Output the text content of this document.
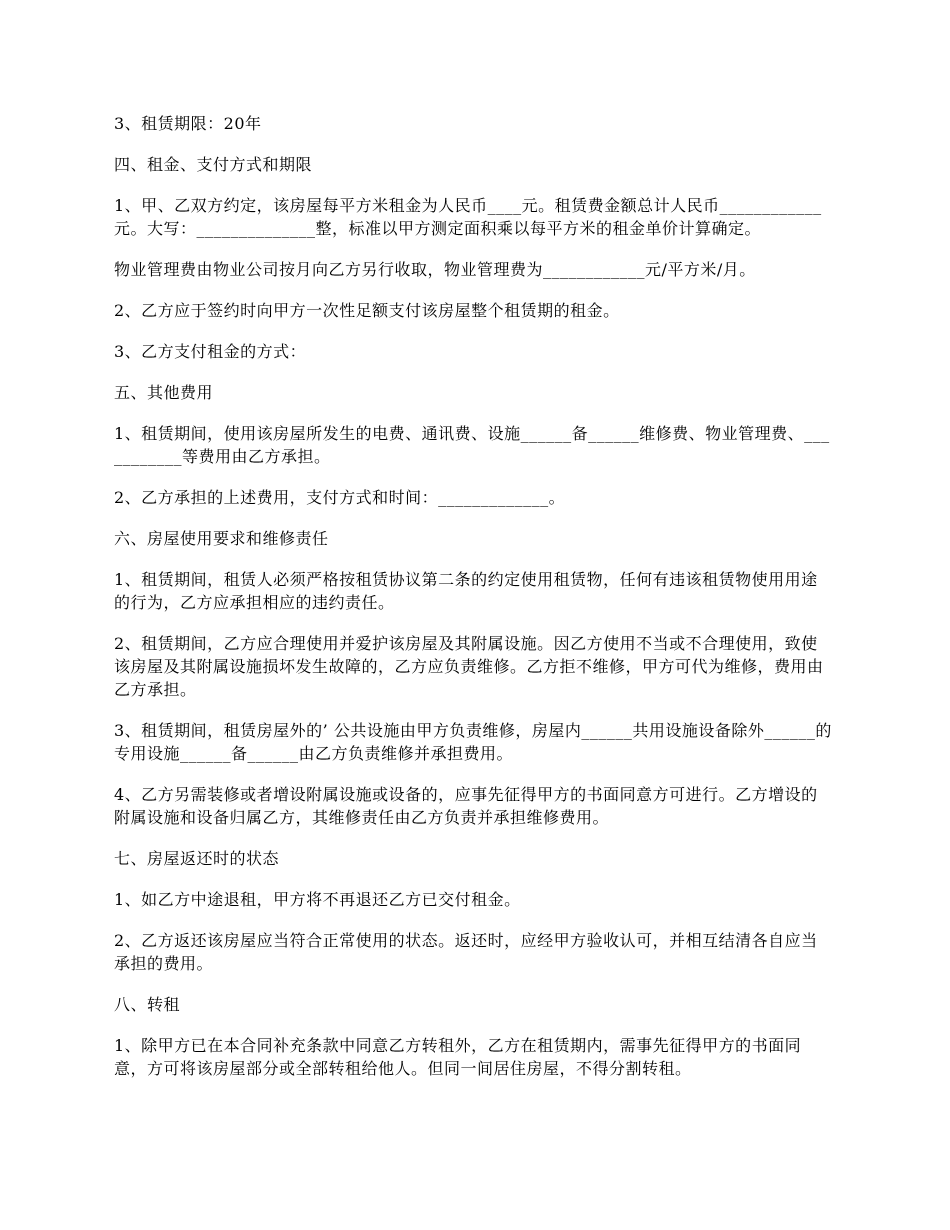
3、租赁期限：20年

四、租金、支付方式和期限

1、甲、乙双方约定，该房屋每平方米租金为人民币____元。租赁费金额总计人民币____________元。大写：______________整，标准以甲方测定面积乘以每平方米的租金单价计算确定。

物业管理费由物业公司按月向乙方另行收取，物业管理费为____________元/平方米/月。

2、乙方应于签约时向甲方一次性足额支付该房屋整个租赁期的租金。

3、乙方支付租金的方式：

五、其他费用

1、租赁期间，使用该房屋所发生的电费、通讯费、设施______备______维修费、物业管理费、___________等费用由乙方承担。

2、乙方承担的上述费用，支付方式和时间：_____________。

六、房屋使用要求和维修责任

1、租赁期间，租赁人必须严格按租赁协议第二条的约定使用租赁物，任何有违该租赁物使用用途的行为，乙方应承担相应的违约责任。

2、租赁期间，乙方应合理使用并爱护该房屋及其附属设施。因乙方使用不当或不合理使用，致使该房屋及其附属设施损坏发生故障的，乙方应负责维修。乙方拒不维修，甲方可代为维修，费用由乙方承担。

3、租赁期间，租赁房屋外的’ 公共设施由甲方负责维修，房屋内______共用设施设备除外______的专用设施______备______由乙方负责维修并承担费用。

4、乙方另需装修或者增设附属设施或设备的，应事先征得甲方的书面同意方可进行。乙方增设的附属设施和设备归属乙方，其维修责任由乙方负责并承担维修费用。

七、房屋返还时的状态

1、如乙方中途退租，甲方将不再退还乙方已交付租金。

2、乙方返还该房屋应当符合正常使用的状态。返还时，应经甲方验收认可，并相互结清各自应当承担的费用。

八、转租

1、除甲方已在本合同补充条款中同意乙方转租外，乙方在租赁期内，需事先征得甲方的书面同意，方可将该房屋部分或全部转租给他人。但同一间居住房屋，不得分割转租。
